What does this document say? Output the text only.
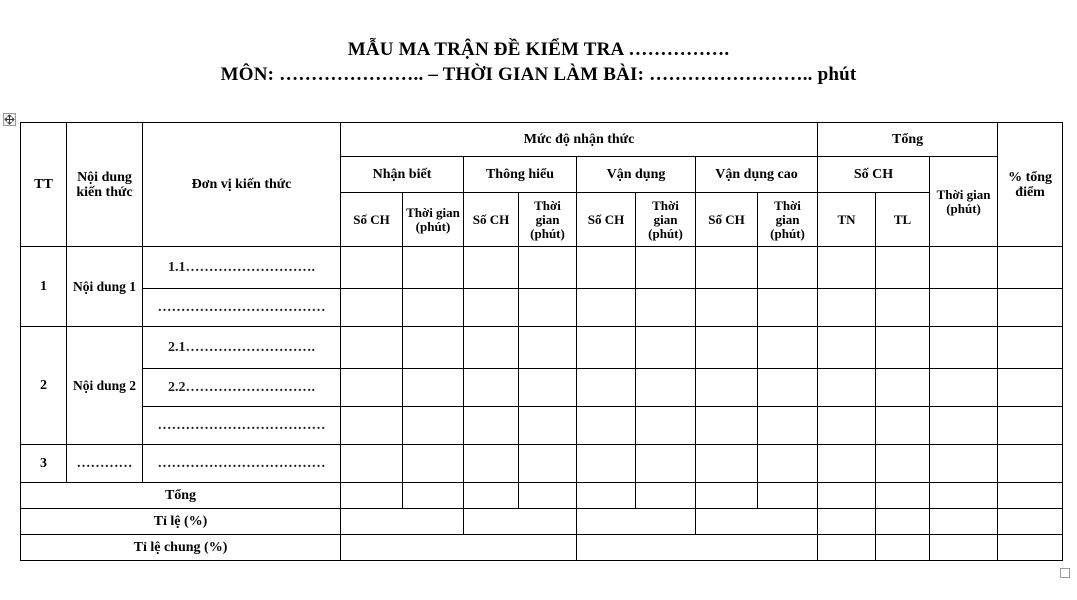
MẪU MA TRẬN ĐỀ KIỂM TRA …………….
MÔN: ………………….. – THỜI GIAN LÀM BÀI: …………………….. phút
TT	Nội dung kiến thức	Đơn vị kiến thức	Mức độ nhận thức								Tổng			% tổng điểm
			Nhận biết		Thông hiểu		Vận dụng		Vận dụng cao		Số CH		Thời gian (phút)	
			Số CH	Thời gian (phút)	Số CH	Thời gian (phút)	Số CH	Thời gian (phút)	Số CH	Thời gian (phút)	TN	TL		
1	Nội dung 1	1.1……………………….												
		………………………………												
2	Nội dung 2	2.1……………………….												
		2.2……………………….												
		………………………………												
3	…………	………………………………												
Tổng														
Tỉ lệ (%)														
Tỉ lệ chung (%)														
